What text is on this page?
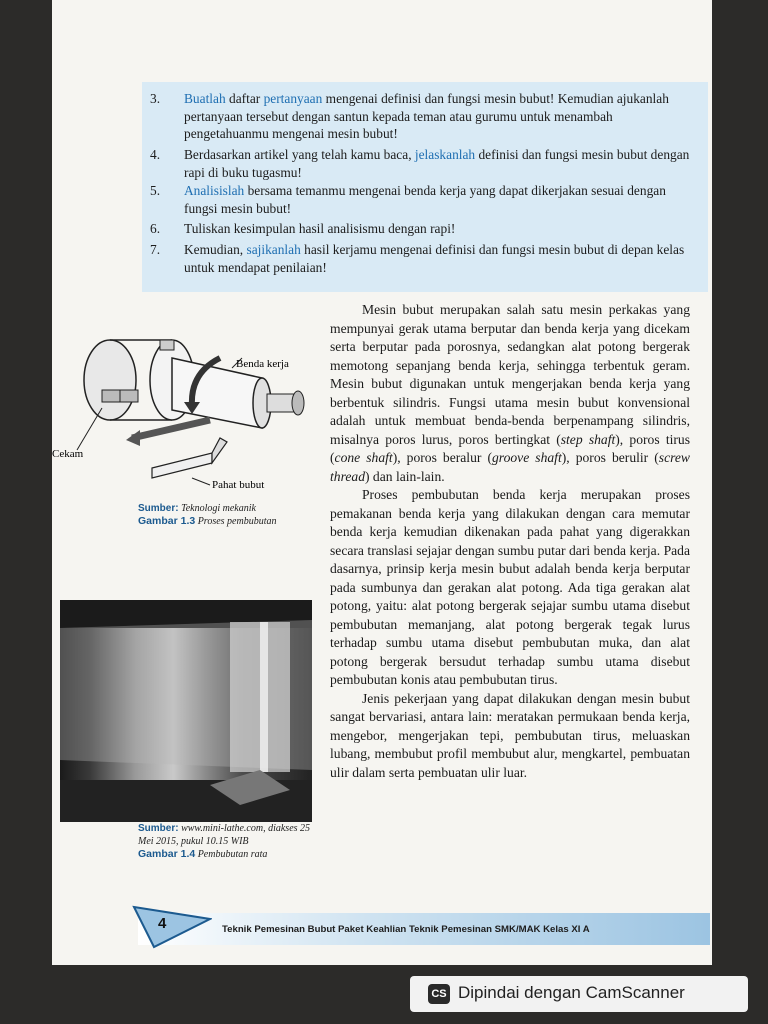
3.	Buatlah daftar pertanyaan mengenai definisi dan fungsi mesin bubut! Kemudian ajukanlah pertanyaan tersebut dengan santun kepada teman atau gurumu untuk menambah pengetahuanmu mengenai mesin bubut!
4.	Berdasarkan artikel yang telah kamu baca, jelaskanlah definisi dan fungsi mesin bubut dengan rapi di buku tugasmu!
5.	Analisislah bersama temanmu mengenai benda kerja yang dapat dikerjakan sesuai dengan fungsi mesin bubut!
6.	Tuliskan kesimpulan hasil analisismu dengan rapi!
7.	Kemudian, sajikanlah hasil kerjamu mengenai definisi dan fungsi mesin bubut di depan kelas untuk mendapat penilaian!
Benda kerja
Cekam
Pahat bubut
Sumber: Teknologi mekanik
Gambar 1.3 Proses pembubutan
Sumber: www.mini-lathe.com, diakses 25 Mei 2015, pukul 10.15 WIB
Gambar 1.4 Pembubutan rata

Mesin bubut merupakan salah satu mesin perkakas yang mempunyai gerak utama berputar dan benda kerja yang dicekam serta berputar pada porosnya, sedangkan alat potong bergerak memotong sepanjang benda kerja, sehingga terbentuk geram. Mesin bubut digunakan untuk mengerjakan benda kerja yang berbentuk silindris. Fungsi utama mesin bubut konvensional adalah untuk membuat benda-benda berpenampang silindris, misalnya poros lurus, poros bertingkat (step shaft), poros tirus (cone shaft), poros beralur (groove shaft), poros berulir (screw thread) dan lain-lain.

Proses pembubutan benda kerja merupakan proses pemakanan benda kerja yang dilakukan dengan cara memutar benda kerja kemudian dikenakan pada pahat yang digerakkan secara translasi sejajar dengan sumbu putar dari benda kerja. Pada dasarnya, prinsip kerja mesin bubut adalah benda kerja berputar pada sumbunya dan gerakan alat potong. Ada tiga gerakan alat potong, yaitu: alat potong bergerak sejajar sumbu utama disebut pembubutan memanjang, alat potong bergerak tegak lurus terhadap sumbu utama disebut pembubutan muka, dan alat potong bergerak bersudut terhadap sumbu utama disebut pembubutan konis atau pembubutan tirus.

Jenis pekerjaan yang dapat dilakukan dengan mesin bubut sangat bervariasi, antara lain: meratakan permukaan benda kerja, mengebor, mengerjakan tepi, pembubutan tirus, meluaskan lubang, membubut profil membubut alur, mengkartel, pembuatan ulir dalam serta pembuatan ulir luar.

4	Teknik Pemesinan Bubut Paket Keahlian Teknik Pemesinan SMK/MAK Kelas XI A
CS Dipindai dengan CamScanner
